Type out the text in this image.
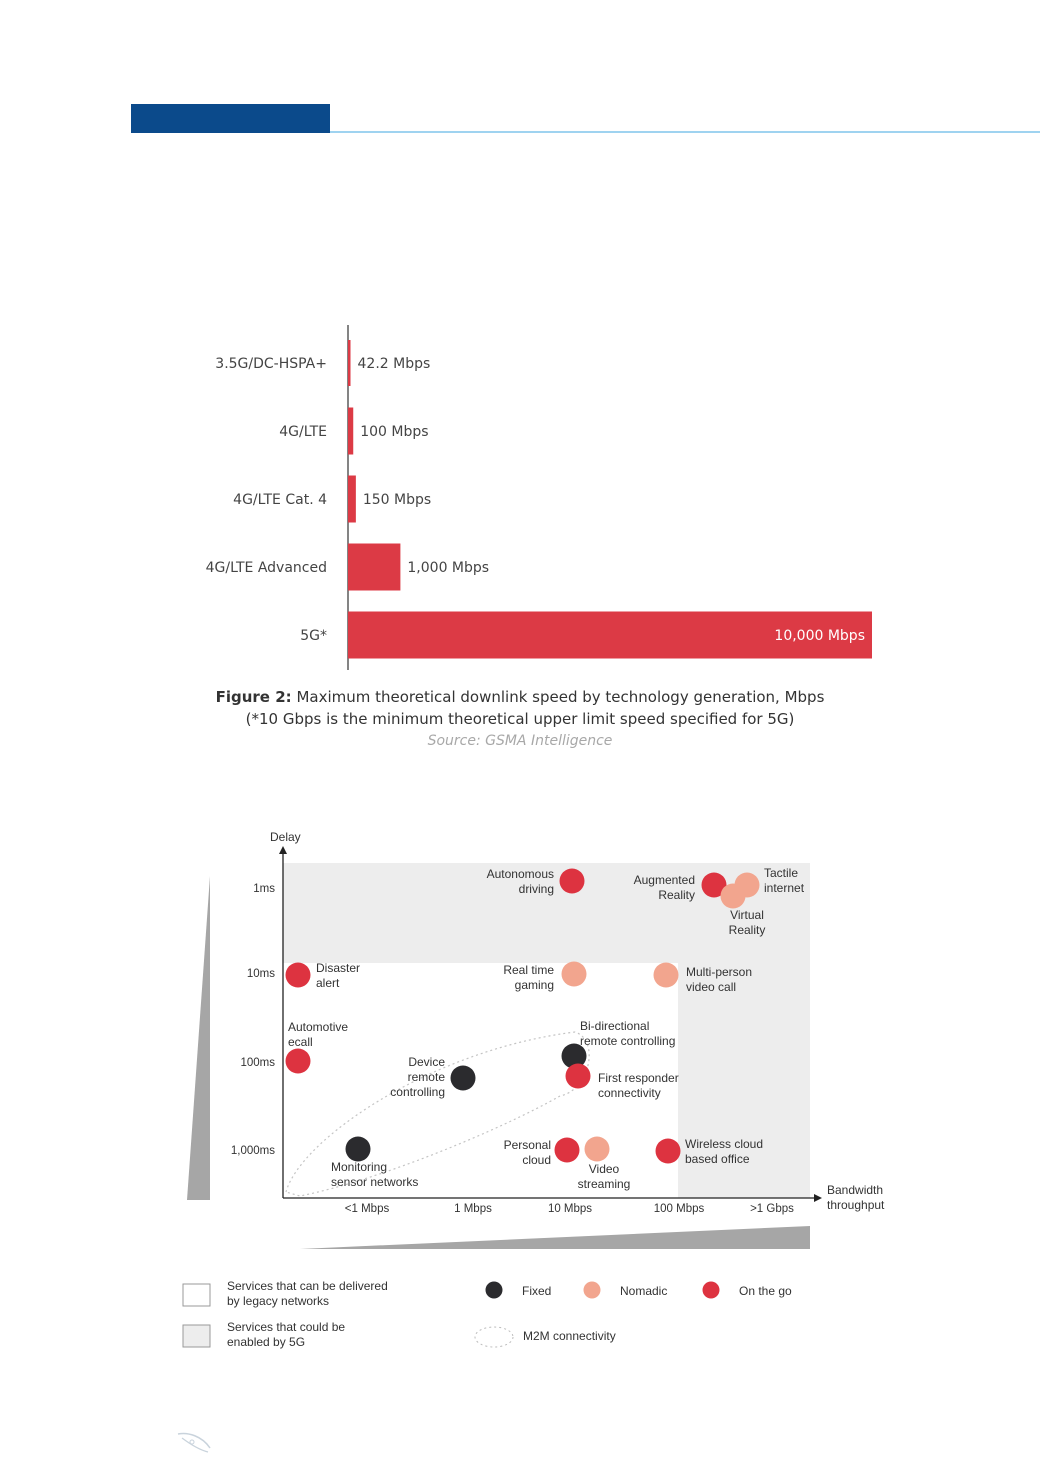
3.5G/DC-HSPA+ 42.2 Mbps
4G/LTE 100 Mbps
4G/LTE Cat. 4	150 Mbps
4G/LTE Advanced	1,000 Mbps
5G*	10,000 Mbps
Figure 2: Maximum theoretical downlink speed by technology generation, Mbps
(*10 Gbps is the minimum theoretical upper limit speed specified for 5G)
Source: GSMA Intelligence
Delay
Bandwidth
throughput
1ms
10ms
100ms
1,000ms
<1 Mbps	1 Mbps	10 Mbps	100 Mbps	>1 Gbps
Autonomous driving
Augmented Reality
Virtual Reality
Tactile internet
Disaster alert
Real time gaming
Multi-person video call
Automotive ecall
Device remote controlling
Bi-directional remote controlling
First responder connectivity
Monitoring sensor networks
Personal cloud
Video streaming
Wireless cloud based office
Services that can be delivered by legacy networks
Services that could be enabled by 5G
Fixed	Nomadic	On the go
M2M connectivity
